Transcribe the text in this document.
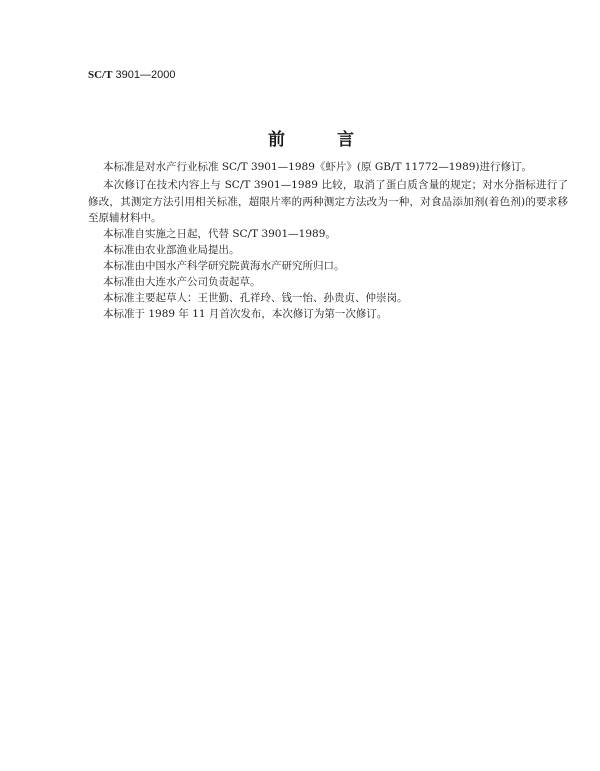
SC/T 3901—2000
前　　言
本标准是对水产行业标准 SC/T 3901—1989《虾片》(原 GB/T 11772—1989)进行修订。
本次修订在技术内容上与 SC/T 3901—1989 比较，取消了蛋白质含量的规定；对水分指标进行了
修改，其测定方法引用相关标准，超限片率的两种测定方法改为一种，对食品添加剂(着色剂)的要求移
至原辅材料中。
本标准自实施之日起，代替 SC/T 3901—1989。
本标准由农业部渔业局提出。
本标准由中国水产科学研究院黄海水产研究所归口。
本标准由大连水产公司负责起草。
本标准主要起草人：王世勤、孔祥玲、钱一怡、孙贵贞、仲崇岗。
本标准于 1989 年 11 月首次发布，本次修订为第一次修订。
